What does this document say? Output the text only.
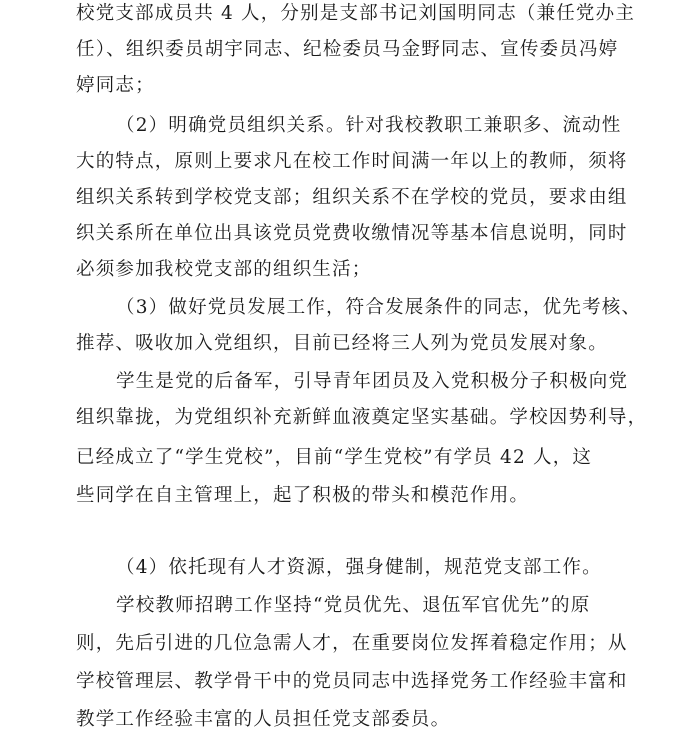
校党支部成员共 4 人，分别是支部书记刘国明同志（兼任党办主
任）、组织委员胡宇同志、纪检委员马金野同志、宣传委员冯婷
婷同志；
（2）明确党员组织关系。针对我校教职工兼职多、流动性
大的特点，原则上要求凡在校工作时间满一年以上的教师，须将
组织关系转到学校党支部；组织关系不在学校的党员，要求由组
织关系所在单位出具该党员党费收缴情况等基本信息说明，同时
必须参加我校党支部的组织生活；
（3）做好党员发展工作，符合发展条件的同志，优先考核、
推荐、吸收加入党组织，目前已经将三人列为党员发展对象。
学生是党的后备军，引导青年团员及入党积极分子积极向党
组织靠拢，为党组织补充新鲜血液奠定坚实基础。学校因势利导，
已经成立了“学生党校”，目前“学生党校”有学员 42 人，这
些同学在自主管理上，起了积极的带头和模范作用。
（4）依托现有人才资源，强身健制，规范党支部工作。
学校教师招聘工作坚持“党员优先、退伍军官优先”的原
则，先后引进的几位急需人才，在重要岗位发挥着稳定作用；从
学校管理层、教学骨干中的党员同志中选择党务工作经验丰富和
教学工作经验丰富的人员担任党支部委员。
